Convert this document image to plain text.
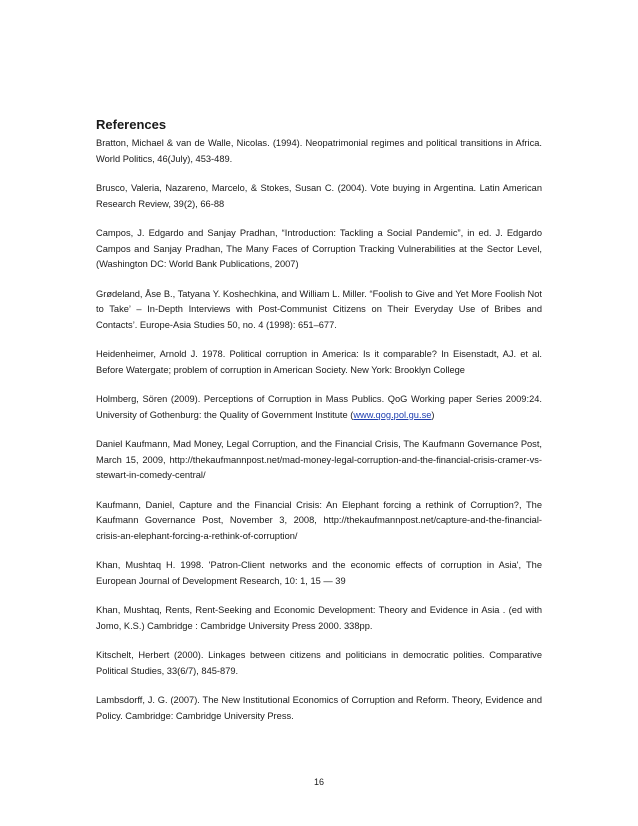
References
Bratton, Michael & van de Walle, Nicolas. (1994). Neopatrimonial regimes and political transitions in Africa. World Politics, 46(July), 453-489.
Brusco, Valeria, Nazareno, Marcelo, & Stokes, Susan C. (2004). Vote buying in Argentina. Latin American Research Review, 39(2), 66-88
Campos, J. Edgardo and Sanjay Pradhan, “Introduction: Tackling a Social Pandemic”, in ed. J. Edgardo Campos and Sanjay Pradhan, The Many Faces of Corruption Tracking Vulnerabilities at the Sector Level, (Washington DC: World Bank Publications, 2007)
Grødeland, Åse B., Tatyana Y. Koshechkina, and William L. Miller. “Foolish to Give and Yet More Foolish Not to Take’ – In-Depth Interviews with Post-Communist Citizens on Their Everyday Use of Bribes and Contacts’. Europe-Asia Studies 50, no. 4 (1998): 651–677.
Heidenheimer, Arnold J. 1978. Political corruption in America: Is it comparable? In Eisenstadt, AJ. et al. Before Watergate; problem of corruption in American Society. New York: Brooklyn College
Holmberg, Sören (2009). Perceptions of Corruption in Mass Publics. QoG Working paper Series 2009:24. University of Gothenburg: the Quality of Government Institute (www.qog.pol.gu.se)
Daniel Kaufmann, Mad Money, Legal Corruption, and the Financial Crisis, The Kaufmann Governance Post, March 15, 2009, http://thekaufmannpost.net/mad-money-legal-corruption-and-the-financial-crisis-cramer-vs-stewart-in-comedy-central/
Kaufmann, Daniel, Capture and the Financial Crisis: An Elephant forcing a rethink of Corruption?, The Kaufmann Governance Post, November 3, 2008, http://thekaufmannpost.net/capture-and-the-financial-crisis-an-elephant-forcing-a-rethink-of-corruption/
Khan, Mushtaq H. 1998. 'Patron-Client networks and the economic effects of corruption in Asia', The European Journal of Development Research, 10: 1, 15 — 39
Khan, Mushtaq, Rents, Rent-Seeking and Economic Development: Theory and Evidence in Asia . (ed with Jomo, K.S.) Cambridge : Cambridge University Press 2000. 338pp.
Kitschelt, Herbert (2000). Linkages between citizens and politicians in democratic polities. Comparative Political Studies, 33(6/7), 845-879.
Lambsdorff, J. G. (2007). The New Institutional Economics of Corruption and Reform. Theory, Evidence and Policy. Cambridge: Cambridge University Press.
16
